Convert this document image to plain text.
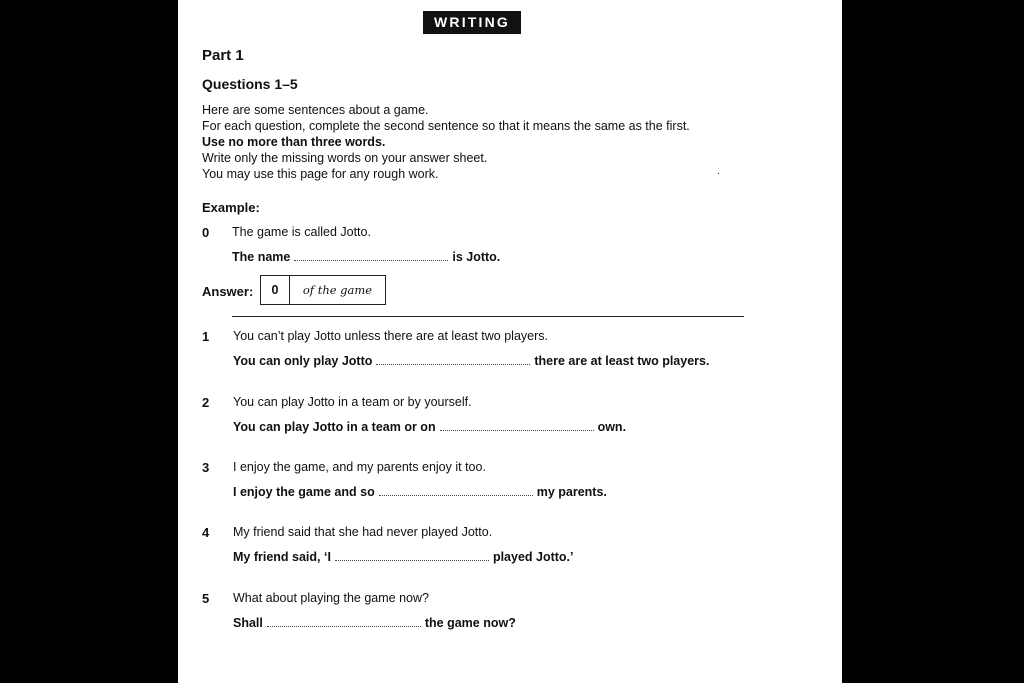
WRITING
Part 1
Questions 1–5
Here are some sentences about a game.
For each question, complete the second sentence so that it means the same as the first.
Use no more than three words.
Write only the missing words on your answer sheet.
You may use this page for any rough work.	.
Example:
0 The game is called Jotto.
The name	is Jotto.
Answer:	0	of the game
1 You can’t play Jotto unless there are at least two players.
You can only play Jotto	there are at least two players.
2 You can play Jotto in a team or by yourself.
You can play Jotto in a team or on	own.
3 I enjoy the game, and my parents enjoy it too.
I enjoy the game and so	my parents.
4 My friend said that she had never played Jotto.
My friend said, ‘I	played Jotto.’
5 What about playing the game now?
Shall	the game now?
